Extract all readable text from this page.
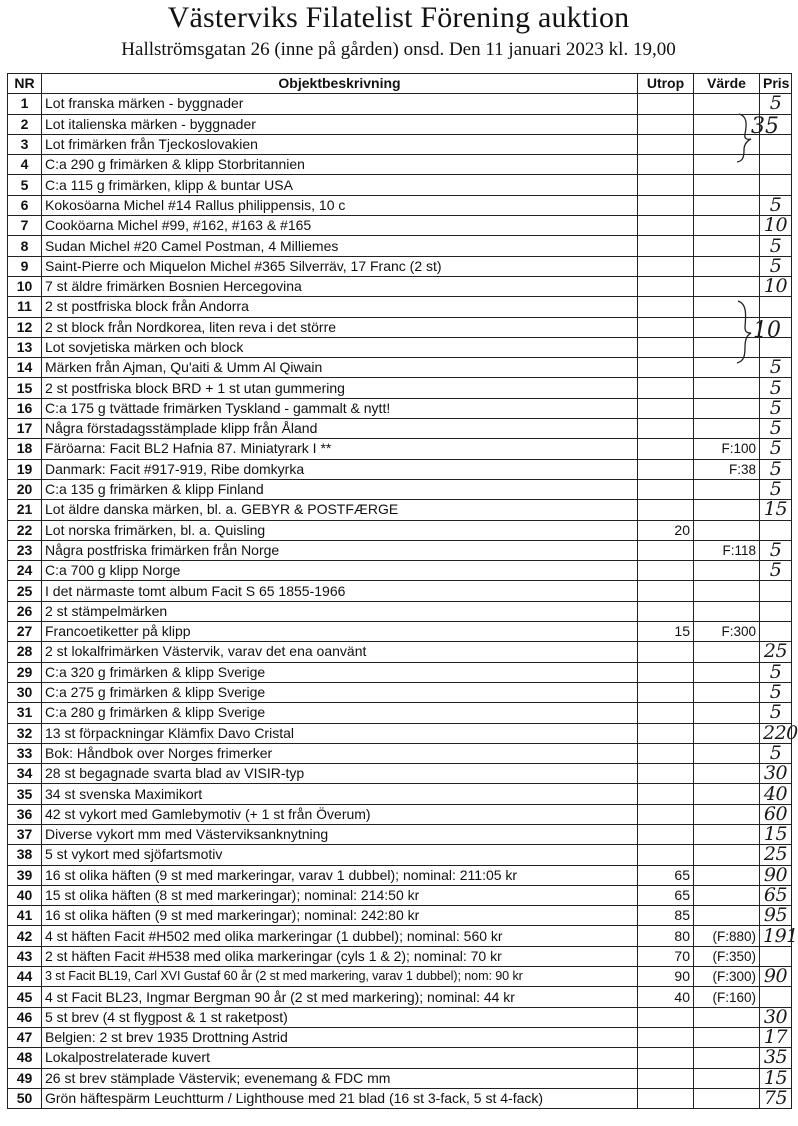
Västerviks Filatelist Förening auktion
Hallströmsgatan 26 (inne på gården) onsd. Den 11 januari 2023 kl. 19,00
NR	Objektbeskrivning	Utrop	Värde	Pris
1	Lot franska märken - byggnader			5
2	Lot italienska märken - byggnader			
3	Lot frimärken från Tjeckoslovakien			
4	C:a 290 g frimärken & klipp Storbritannien			
5	C:a 115 g frimärken, klipp & buntar USA			
6	Kokosöarna Michel #14 Rallus philippensis, 10 c			5
7	Cooköarna Michel #99, #162, #163 & #165			10
8	Sudan Michel #20 Camel Postman, 4 Milliemes			5
9	Saint-Pierre och Miquelon Michel #365 Silverräv, 17 Franc (2 st)			5
10	7 st äldre frimärken Bosnien Hercegovina			10
11	2 st postfriska block från Andorra			
12	2 st block från Nordkorea, liten reva i det större			
13	Lot sovjetiska märken och block			
14	Märken från Ajman, Qu'aiti & Umm Al Qiwain			5
15	2 st postfriska block BRD + 1 st utan gummering			5
16	C:a 175 g tvättade frimärken Tyskland - gammalt & nytt!			5
17	Några förstadagsstämplade klipp från Åland			5
18	Färöarna: Facit BL2 Hafnia 87. Miniatyrark I **		F:100	5
19	Danmark: Facit #917-919, Ribe domkyrka		F:38	5
20	C:a 135 g frimärken & klipp Finland			5
21	Lot äldre danska märken, bl. a. GEBYR & POSTFÆRGE			15
22	Lot norska frimärken, bl. a. Quisling	20		
23	Några postfriska frimärken från Norge		F:118	5
24	C:a 700 g klipp Norge			5
25	I det närmaste tomt album Facit S 65 1855-1966			
26	2 st stämpelmärken			
27	Francoetiketter på klipp	15	F:300	
28	2 st lokalfrimärken Västervik, varav det ena oanvänt			25
29	C:a 320 g frimärken & klipp Sverige			5
30	C:a 275 g frimärken & klipp Sverige			5
31	C:a 280 g frimärken & klipp Sverige			5
32	13 st förpackningar Klämfix Davo Cristal			220
33	Bok: Håndbok over Norges frimerker			5
34	28 st begagnade svarta blad av VISIR-typ			30
35	34 st svenska Maximikort			40
36	42 st vykort med Gamlebymotiv (+ 1 st från Överum)			60
37	Diverse vykort mm med Västerviksanknytning			15
38	5 st vykort med sjöfartsmotiv			25
39	16 st olika häften (9 st med markeringar, varav 1 dubbel); nominal: 211:05 kr	65		90
40	15 st olika häften (8 st med markeringar); nominal: 214:50 kr	65		65
41	16 st olika häften (9 st med markeringar); nominal: 242:80 kr	85		95
42	4 st häften Facit #H502 med olika markeringar (1 dubbel); nominal: 560 kr	80	(F:880)	191
43	2 st häften Facit #H538 med olika markeringar (cyls 1 & 2); nominal: 70 kr	70	(F:350)	
44	3 st Facit BL19, Carl XVI Gustaf 60 år (2 st med markering, varav 1 dubbel); nom: 90 kr	90	(F:300)	90
45	4 st Facit BL23, Ingmar Bergman 90 år (2 st med markering); nominal: 44 kr	40	(F:160)	
46	5 st brev (4 st flygpost & 1 st raketpost)			30
47	Belgien: 2 st brev 1935 Drottning Astrid			17
48	Lokalpostrelaterade kuvert			35
49	26 st brev stämplade Västervik; evenemang & FDC mm			15
50	Grön häftespärm Leuchtturm / Lighthouse med 21 blad (16 st 3-fack, 5 st 4-fack)			75
35
10
